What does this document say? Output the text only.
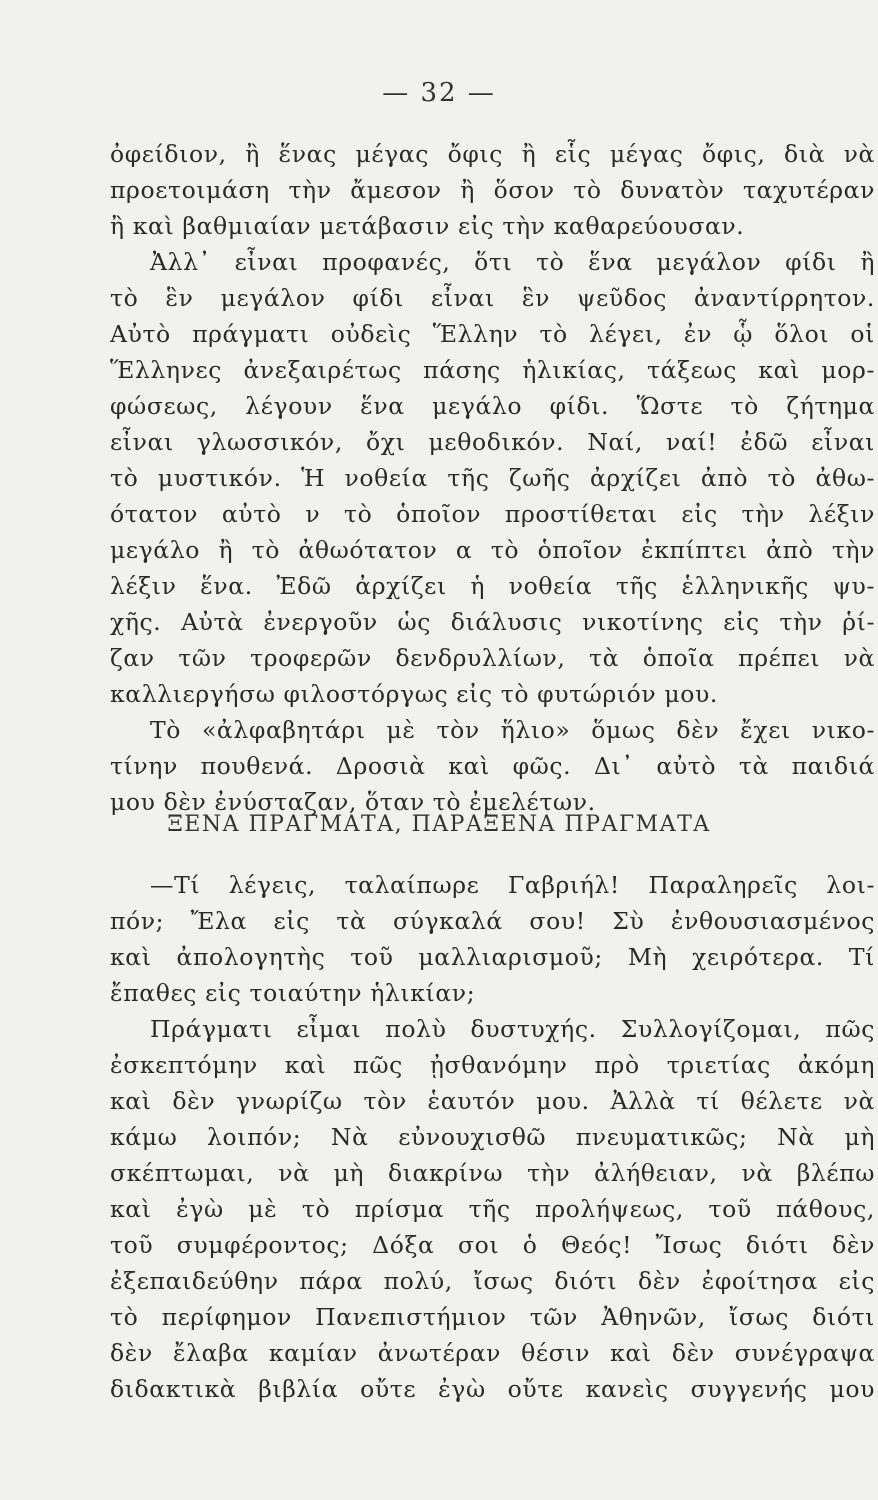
— 32 —
ὀφείδιον, ἢ ἕνας μέγας ὄφις ἢ εἷς μέγας ὄφις, διὰ νὰ
προετοιμάση τὴν ἄμεσον ἢ ὅσον τὸ δυνατὸν ταχυτέραν
ἢ καὶ βαθμιαίαν μετάβασιν εἰς τὴν καθαρεύουσαν.
Ἀλλ᾽ εἶναι προφανές, ὅτι τὸ ἕνα μεγάλον φίδι ἢ
τὸ ἓν μεγάλον φίδι εἶναι ἓν ψεῦδος ἀναντίρρητον.
Αὐτὸ πράγματι οὐδεὶς Ἕλλην τὸ λέγει, ἐν ᾧ ὅλοι οἱ
Ἕλληνες ἀνεξαιρέτως πάσης ἡλικίας, τάξεως καὶ μορ-
φώσεως, λέγουν ἕνα μεγάλο φίδι. Ὥστε τὸ ζήτημα
εἶναι γλωσσικόν, ὄχι μεθοδικόν. Ναί, ναί! ἐδῶ εἶναι
τὸ μυστικόν. Ἡ νοθεία τῆς ζωῆς ἀρχίζει ἀπὸ τὸ ἀθω-
ότατον αὐτὸ ν τὸ ὁποῖον προστίθεται εἰς τὴν λέξιν
μεγάλο ἢ τὸ ἀθωότατον α τὸ ὁποῖον ἐκπίπτει ἀπὸ τὴν
λέξιν ἕνα. Ἐδῶ ἀρχίζει ἡ νοθεία τῆς ἑλληνικῆς ψυ-
χῆς. Αὐτὰ ἐνεργοῦν ὡς διάλυσις νικοτίνης εἰς τὴν ῥί-
ζαν τῶν τροφερῶν δενδρυλλίων, τὰ ὁποῖα πρέπει νὰ
καλλιεργήσω φιλοστόργως εἰς τὸ φυτώριόν μου.
Τὸ «ἀλφαβητάρι μὲ τὸν ἥλιο» ὅμως δὲν ἔχει νικο-
τίνην πουθενά. Δροσιὰ καὶ φῶς. Δι᾽ αὐτὸ τὰ παιδιά
μου δὲν ἐνύσταζαν, ὅταν τὸ ἐμελέτων.
ΞΕΝΑ ΠΡΑΓΜΑΤΑ, ΠΑΡΑΞΕΝΑ ΠΡΑΓΜΑΤΑ
—Τί λέγεις, ταλαίπωρε Γαβριήλ! Παραληρεῖς λοι-
πόν; Ἔλα εἰς τὰ σύγκαλά σου! Σὺ ἐνθουσιασμένος
καὶ ἀπολογητὴς τοῦ μαλλιαρισμοῦ; Μὴ χειρότερα. Τί
ἔπαθες εἰς τοιαύτην ἡλικίαν;
Πράγματι εἶμαι πολὺ δυστυχής. Συλλογίζομαι, πῶς
ἐσκεπτόμην καὶ πῶς ᾐσθανόμην πρὸ τριετίας ἀκόμη
καὶ δὲν γνωρίζω τὸν ἑαυτόν μου. Ἀλλὰ τί θέλετε νὰ
κάμω λοιπόν; Νὰ εὐνουχισθῶ πνευματικῶς; Νὰ μὴ
σκέπτωμαι, νὰ μὴ διακρίνω τὴν ἀλήθειαν, νὰ βλέπω
καὶ ἐγὼ μὲ τὸ πρίσμα τῆς προλήψεως, τοῦ πάθους,
τοῦ συμφέροντος; Δόξα σοι ὁ Θεός! Ἴσως διότι δὲν
ἐξεπαιδεύθην πάρα πολύ, ἴσως διότι δὲν ἐφοίτησα εἰς
τὸ περίφημον Πανεπιστήμιον τῶν Ἀθηνῶν, ἴσως διότι
δὲν ἔλαβα καμίαν ἀνωτέραν θέσιν καὶ δὲν συνέγραψα
διδακτικὰ βιβλία οὔτε ἐγὼ οὔτε κανεὶς συγγενής μου
